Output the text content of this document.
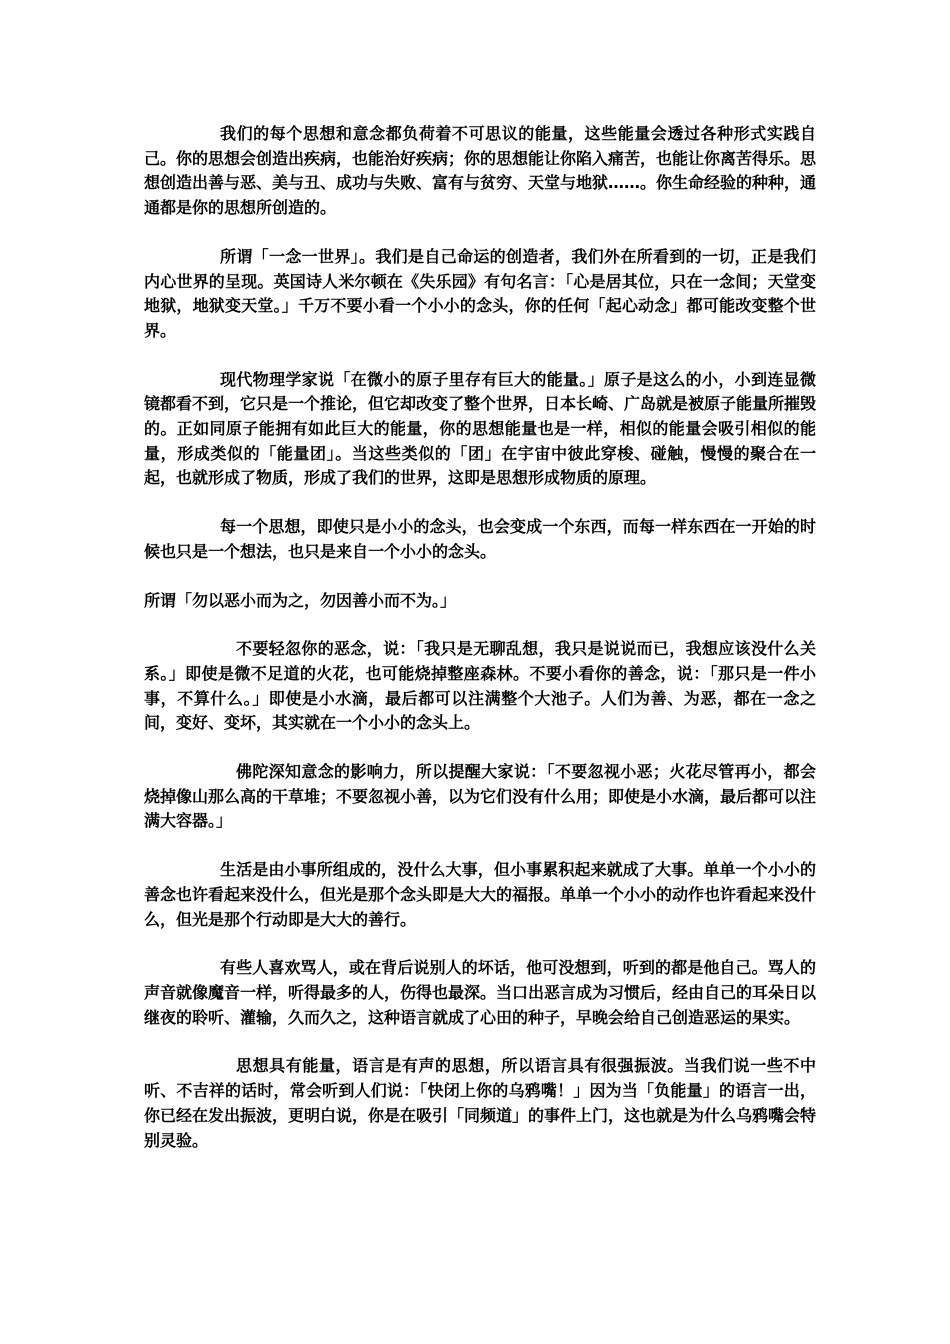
我们的每个思想和意念都负荷着不可思议的能量，这些能量会透过各种形式实践自己。你的思想会创造出疾病，也能治好疾病；你的思想能让你陷入痛苦，也能让你离苦得乐。思想创造出善与恶、美与丑、成功与失败、富有与贫穷、天堂与地狱……。你生命经验的种种，通通都是你的思想所创造的。

所谓「一念一世界」。我们是自己命运的创造者，我们外在所看到的一切，正是我们内心世界的呈现。英国诗人米尔顿在《失乐园》有句名言：「心是居其位，只在一念间；天堂变地狱，地狱变天堂。」千万不要小看一个小小的念头，你的任何「起心动念」都可能改变整个世界。

现代物理学家说「在微小的原子里存有巨大的能量。」原子是这么的小，小到连显微镜都看不到，它只是一个推论，但它却改变了整个世界，日本长崎、广岛就是被原子能量所摧毁的。正如同原子能拥有如此巨大的能量，你的思想能量也是一样，相似的能量会吸引相似的能量，形成类似的「能量团」。当这些类似的「团」在宇宙中彼此穿梭、碰触，慢慢的聚合在一起，也就形成了物质，形成了我们的世界，这即是思想形成物质的原理。

每一个思想，即使只是小小的念头，也会变成一个东西，而每一样东西在一开始的时候也只是一个想法，也只是来自一个小小的念头。

所谓「勿以恶小而为之，勿因善小而不为。」

不要轻忽你的恶念，说：「我只是无聊乱想，我只是说说而已，我想应该没什么关系。」即使是微不足道的火花，也可能烧掉整座森林。不要小看你的善念，说：「那只是一件小事，不算什么。」即使是小水滴，最后都可以注满整个大池子。人们为善、为恶，都在一念之间，变好、变坏，其实就在一个小小的念头上。

佛陀深知意念的影响力，所以提醒大家说：「不要忽视小恶；火花尽管再小，都会烧掉像山那么高的干草堆；不要忽视小善，以为它们没有什么用；即使是小水滴，最后都可以注满大容器。」

生活是由小事所组成的，没什么大事，但小事累积起来就成了大事。单单一个小小的善念也许看起来没什么，但光是那个念头即是大大的福报。单单一个小小的动作也许看起来没什么，但光是那个行动即是大大的善行。

有些人喜欢骂人，或在背后说别人的坏话，他可没想到，听到的都是他自己。骂人的声音就像魔音一样，听得最多的人，伤得也最深。当口出恶言成为习惯后，经由自己的耳朵日以继夜的聆听、灌输，久而久之，这种语言就成了心田的种子，早晚会给自己创造恶运的果实。

思想具有能量，语言是有声的思想，所以语言具有很强振波。当我们说一些不中听、不吉祥的话时，常会听到人们说：「快闭上你的乌鸦嘴！」因为当「负能量」的语言一出，你已经在发出振波，更明白说，你是在吸引「同频道」的事件上门，这也就是为什么乌鸦嘴会特别灵验。
